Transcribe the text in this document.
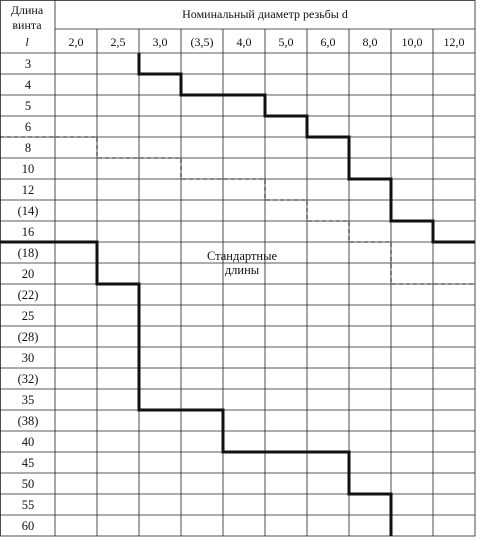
Длина
винта
l
Номинальный диаметр резьбы d
2,0 2,5 3,0 (3,5) 4,0 5,0 6,0 8,0 10,0 12,0
3
4
5
6
8
10
12
(14)
16
(18)
20
(22)
25
(28)
30
(32)
35
(38)
40
45
50
55
60
Стандартные
длины
